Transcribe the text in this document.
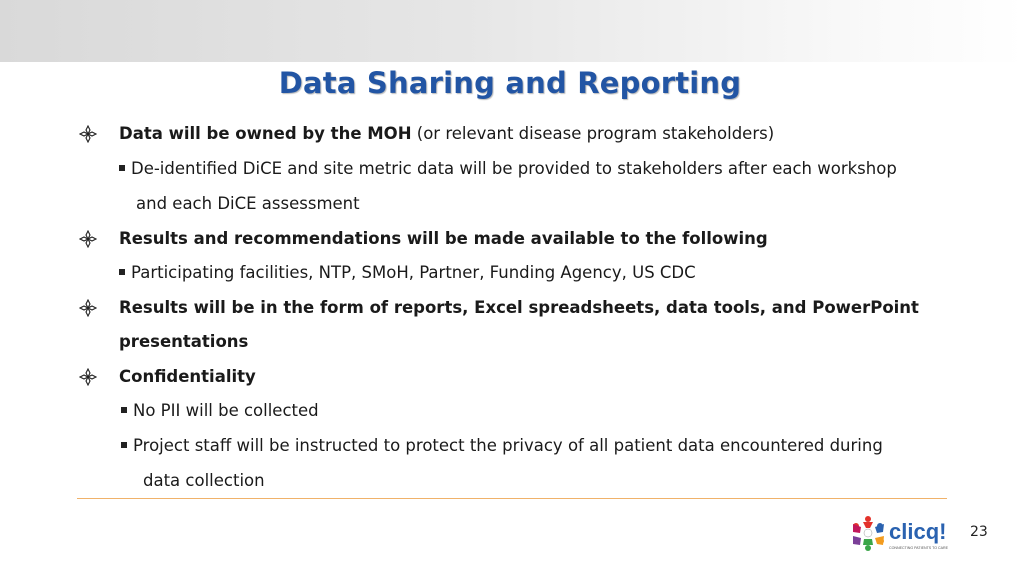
Data Sharing and Reporting
Data will be owned by the MOH (or relevant disease program stakeholders)
De-identified DiCE and site metric data will be provided to stakeholders after each workshop
and each DiCE assessment
Results and recommendations will be made available to the following
Participating facilities, NTP, SMoH, Partner, Funding Agency, US CDC
Results will be in the form of reports, Excel spreadsheets, data tools, and PowerPoint
presentations
Confidentiality
No PII will be collected
Project staff will be instructed to protect the privacy of all patient data encountered during
data collection
clicq!
CONNECTING PATIENTS TO CARE
23
